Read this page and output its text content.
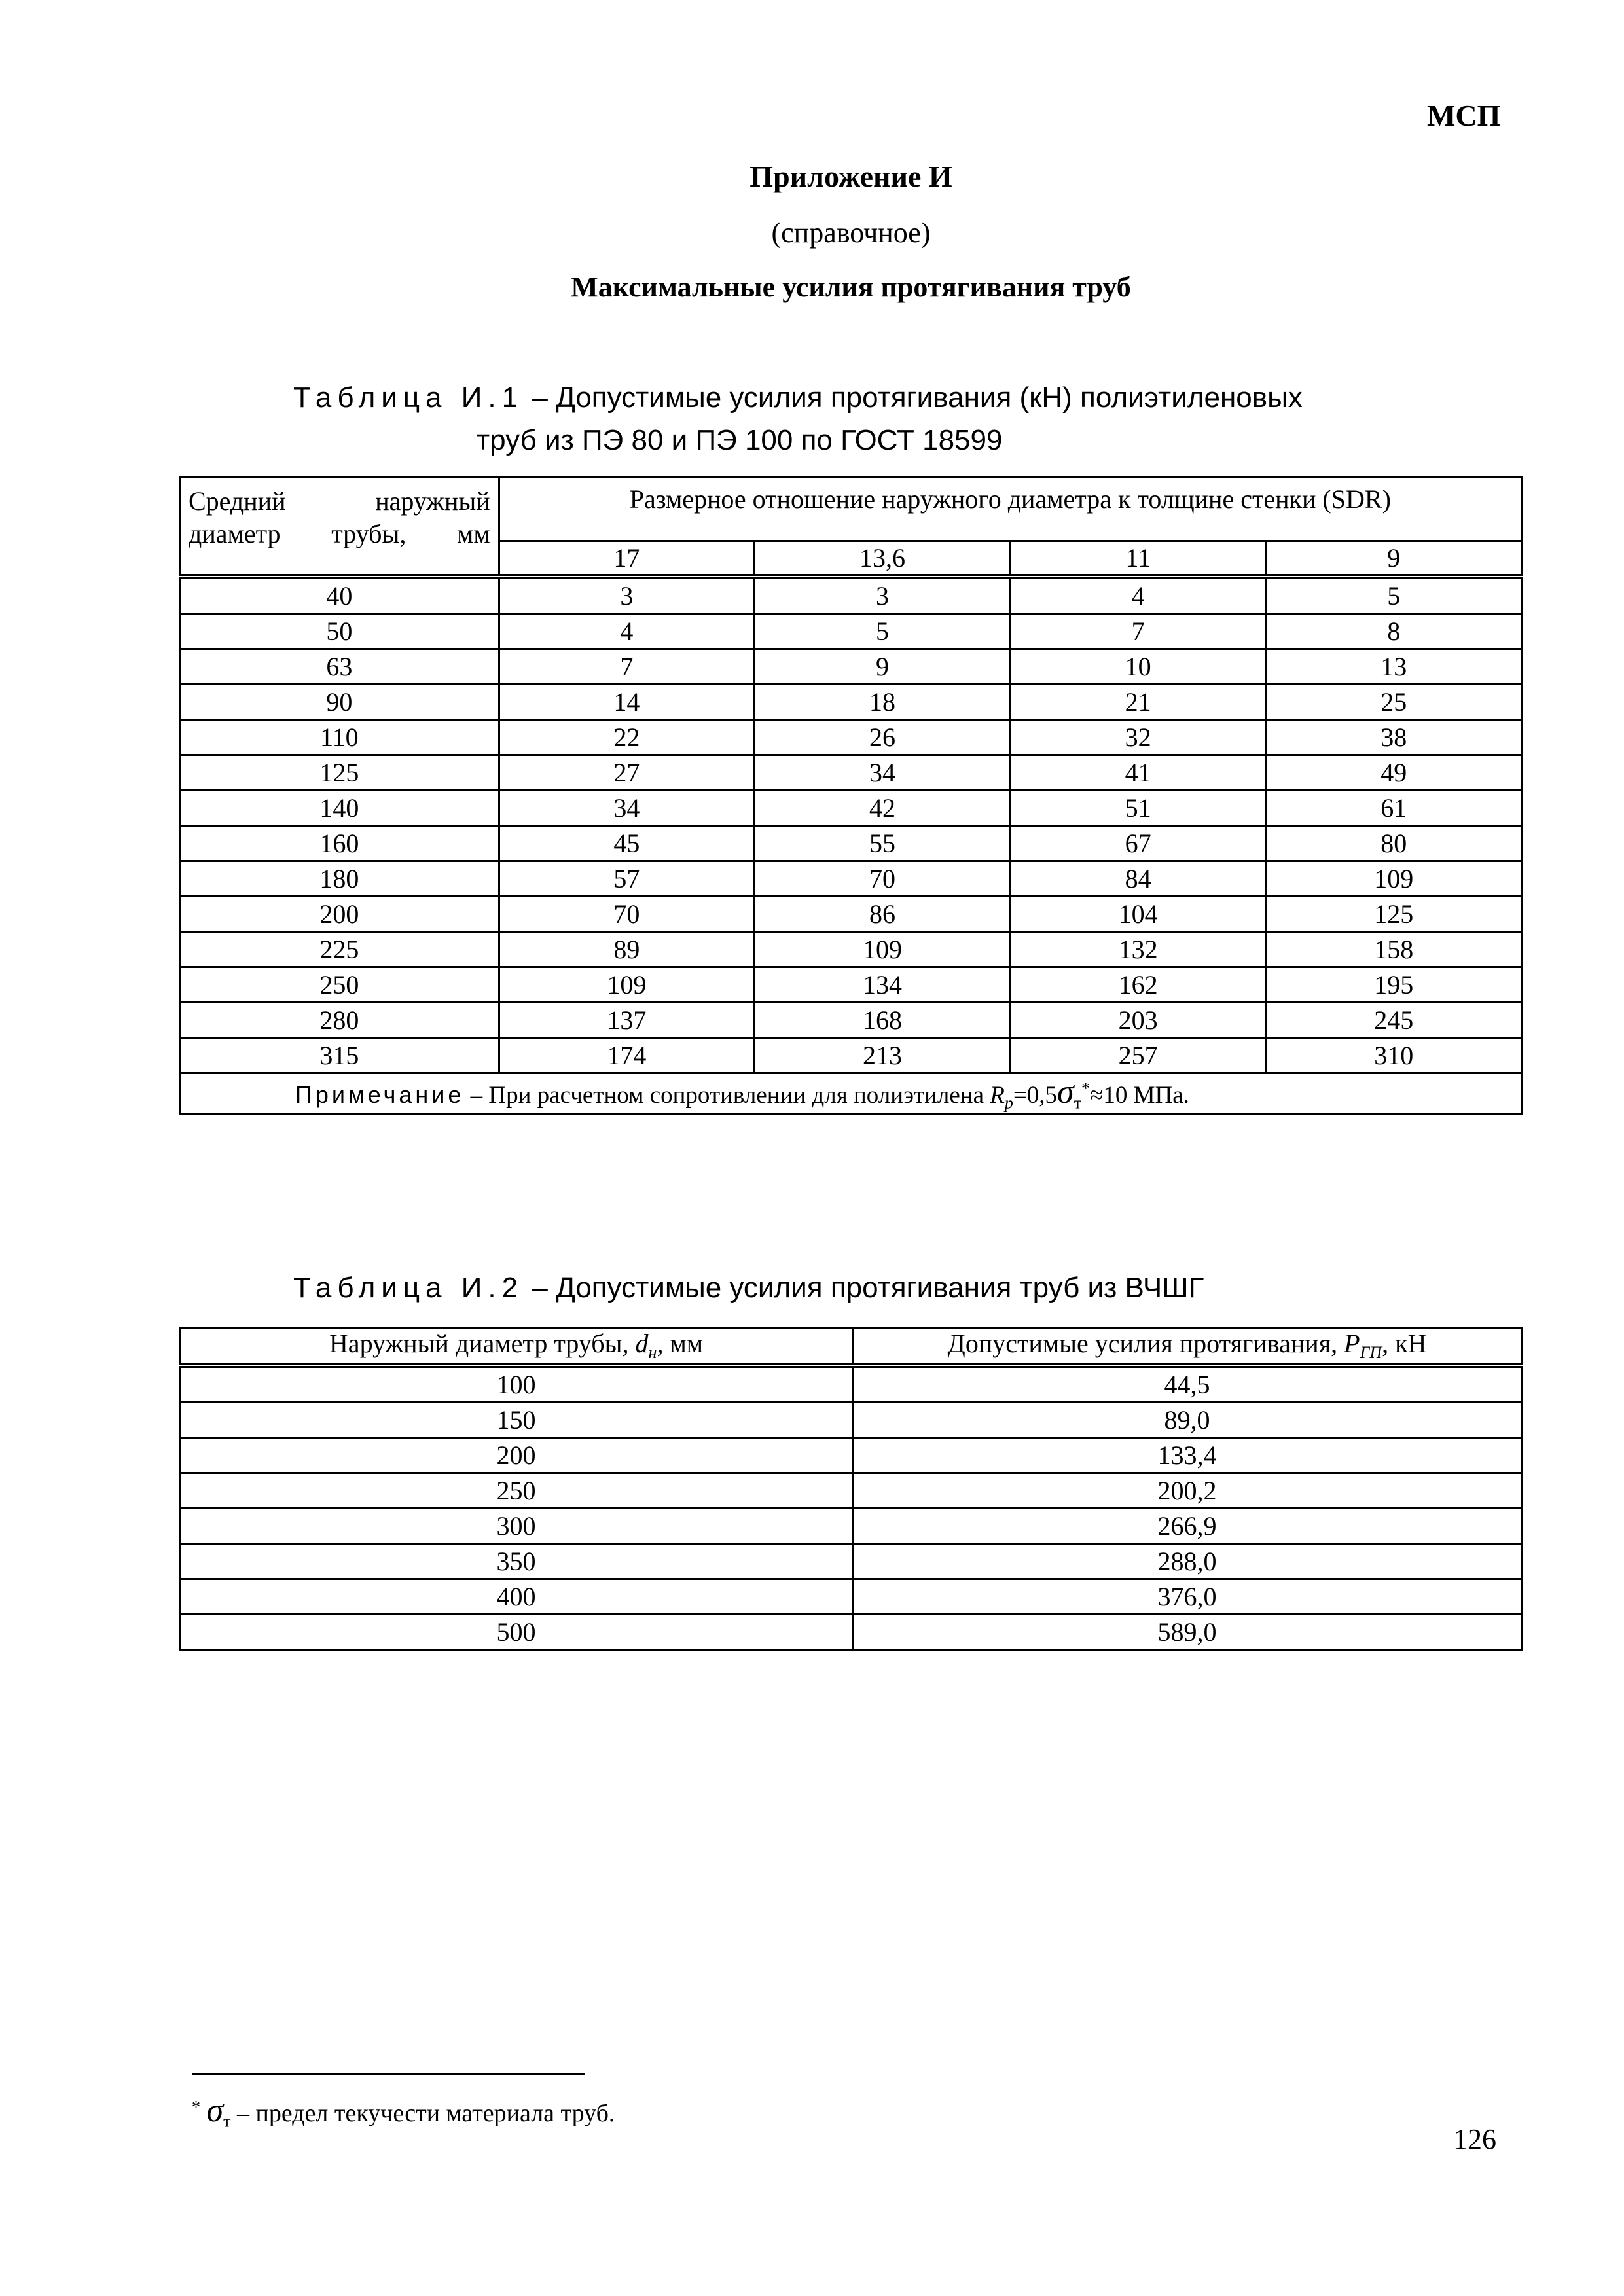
МСП
Приложение И
(справочное)
Максимальные усилия протягивания труб
Таблица И.1 – Допустимые усилия протягивания (кН) полиэтиленовых
труб из ПЭ 80 и ПЭ 100 по ГОСТ 18599
Средний наружный диаметр трубы, мм	Размерное отношение наружного диаметра к толщине стенки (SDR)			
	17	13,6	11	9
40	3	3	4	5
50	4	5	7	8
63	7	9	10	13
90	14	18	21	25
110	22	26	32	38
125	27	34	41	49
140	34	42	51	61
160	45	55	67	80
180	57	70	84	109
200	70	86	104	125
225	89	109	132	158
250	109	134	162	195
280	137	168	203	245
315	174	213	257	310
Примечание – При расчетном сопротивлении для полиэтилена $R_р=0,5\sigma_т^*\approx 10$ МПа.				
Таблица И.2 – Допустимые усилия протягивания труб из ВЧШГ
Наружный диаметр трубы, $d_н$, мм	Допустимые усилия протягивания, $P_{ГП}$, кН
100	44,5
150	89,0
200	133,4
250	200,2
300	266,9
350	288,0
400	376,0
500	589,0
* $\sigma_т$ – предел текучести материала труб.
126
